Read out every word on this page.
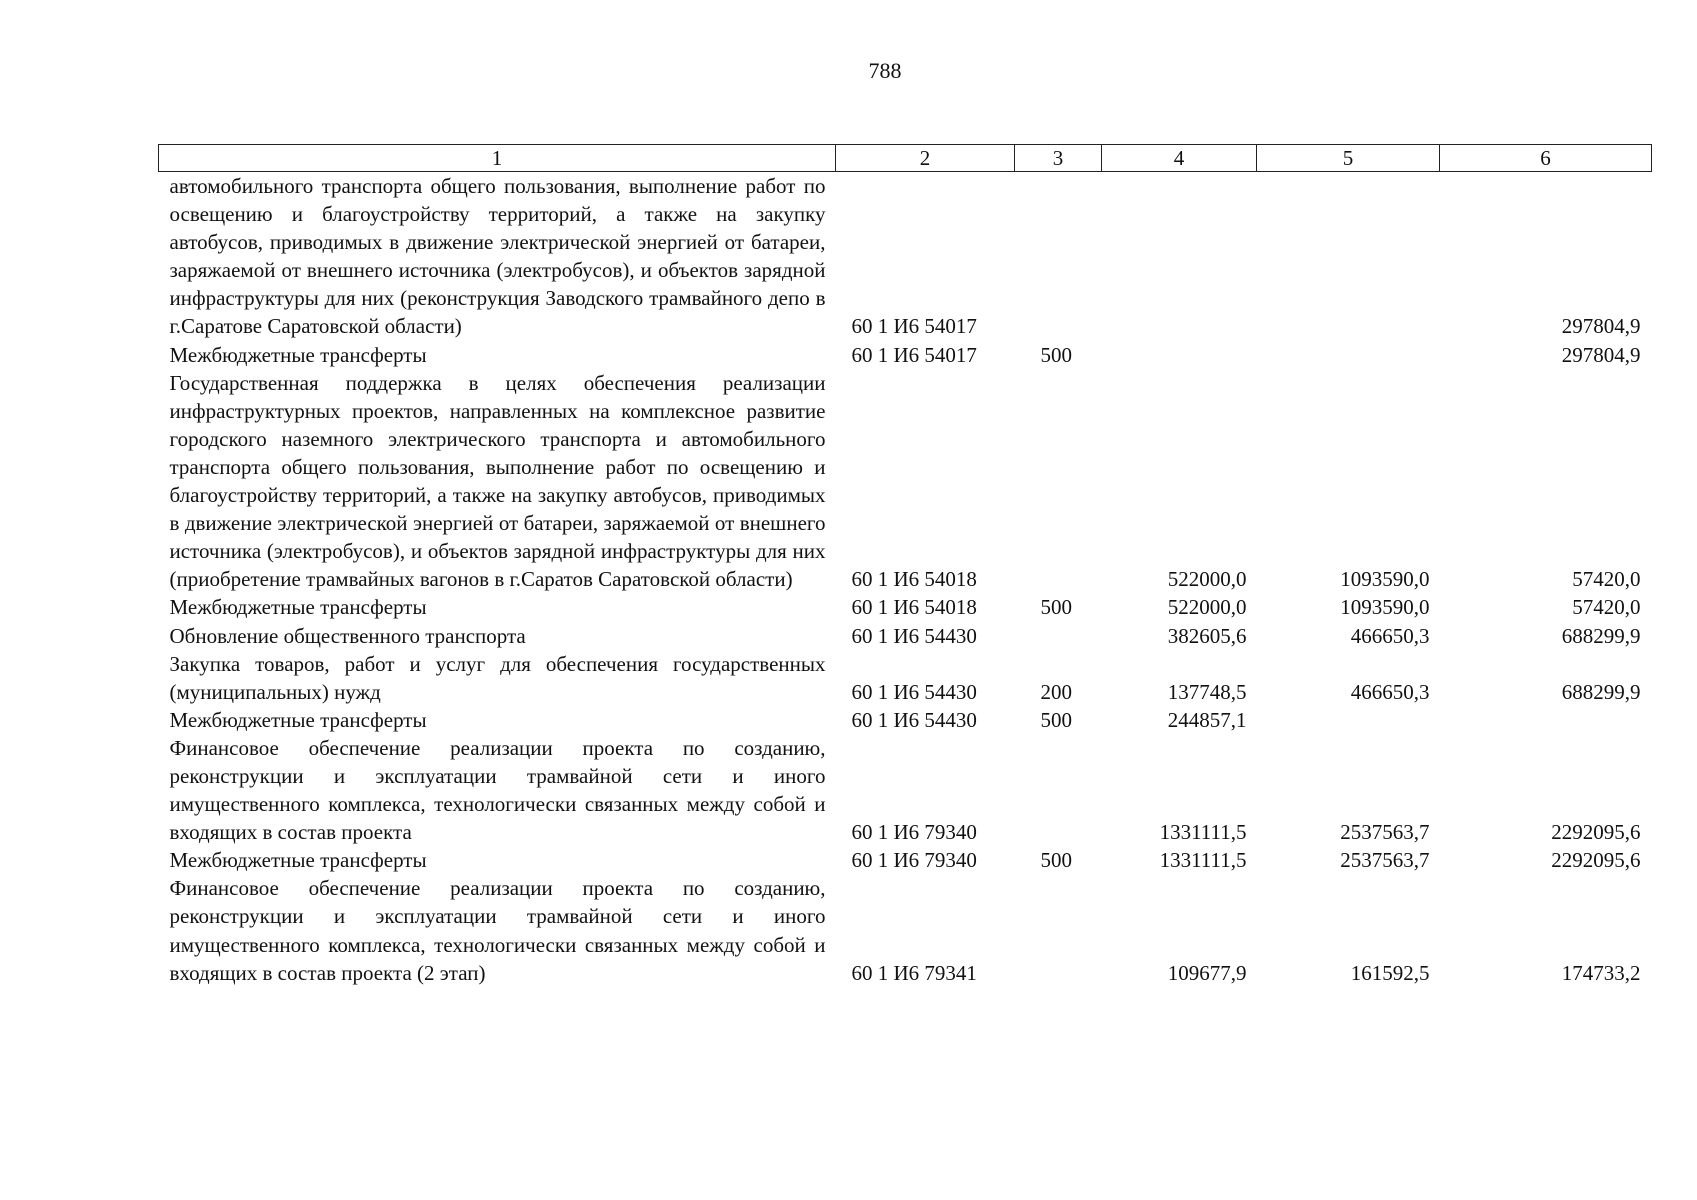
788
1	2	3	4	5	6
автомобильного транспорта общего пользования, выполнение работ по освещению и благоустройству территорий, а также на закупку автобусов, приводимых в движение электрической энергией от батареи, заряжаемой от внешнего источника (электробусов), и объектов зарядной инфраструктуры для них (реконструкция Заводского трамвайного депо в г.Саратове Саратовской области)	60 1 И6 54017				297804,9
Межбюджетные трансферты	60 1 И6 54017	500			297804,9
Государственная поддержка в целях обеспечения реализации инфраструктурных проектов, направленных на комплексное развитие городского наземного электрического транспорта и автомобильного транспорта общего пользования, выполнение работ по освещению и благоустройству территорий, а также на закупку автобусов, приводимых в движение электрической энергией от батареи, заряжаемой от внешнего источника (электробусов), и объектов зарядной инфраструктуры для них (приобретение трамвайных вагонов в г.Саратов Саратовской области)	60 1 И6 54018		522000,0	1093590,0	57420,0
Межбюджетные трансферты	60 1 И6 54018	500	522000,0	1093590,0	57420,0
Обновление общественного транспорта	60 1 И6 54430		382605,6	466650,3	688299,9
Закупка товаров, работ и услуг для обеспечения государственных (муниципальных) нужд	60 1 И6 54430	200	137748,5	466650,3	688299,9
Межбюджетные трансферты	60 1 И6 54430	500	244857,1		
Финансовое обеспечение реализации проекта по созданию, реконструкции и эксплуатации трамвайной сети и иного имущественного комплекса, технологически связанных между собой и входящих в состав проекта	60 1 И6 79340		1331111,5	2537563,7	2292095,6
Межбюджетные трансферты	60 1 И6 79340	500	1331111,5	2537563,7	2292095,6
Финансовое обеспечение реализации проекта по созданию, реконструкции и эксплуатации трамвайной сети и иного имущественного комплекса, технологически связанных между собой и входящих в состав проекта (2 этап)	60 1 И6 79341		109677,9	161592,5	174733,2
